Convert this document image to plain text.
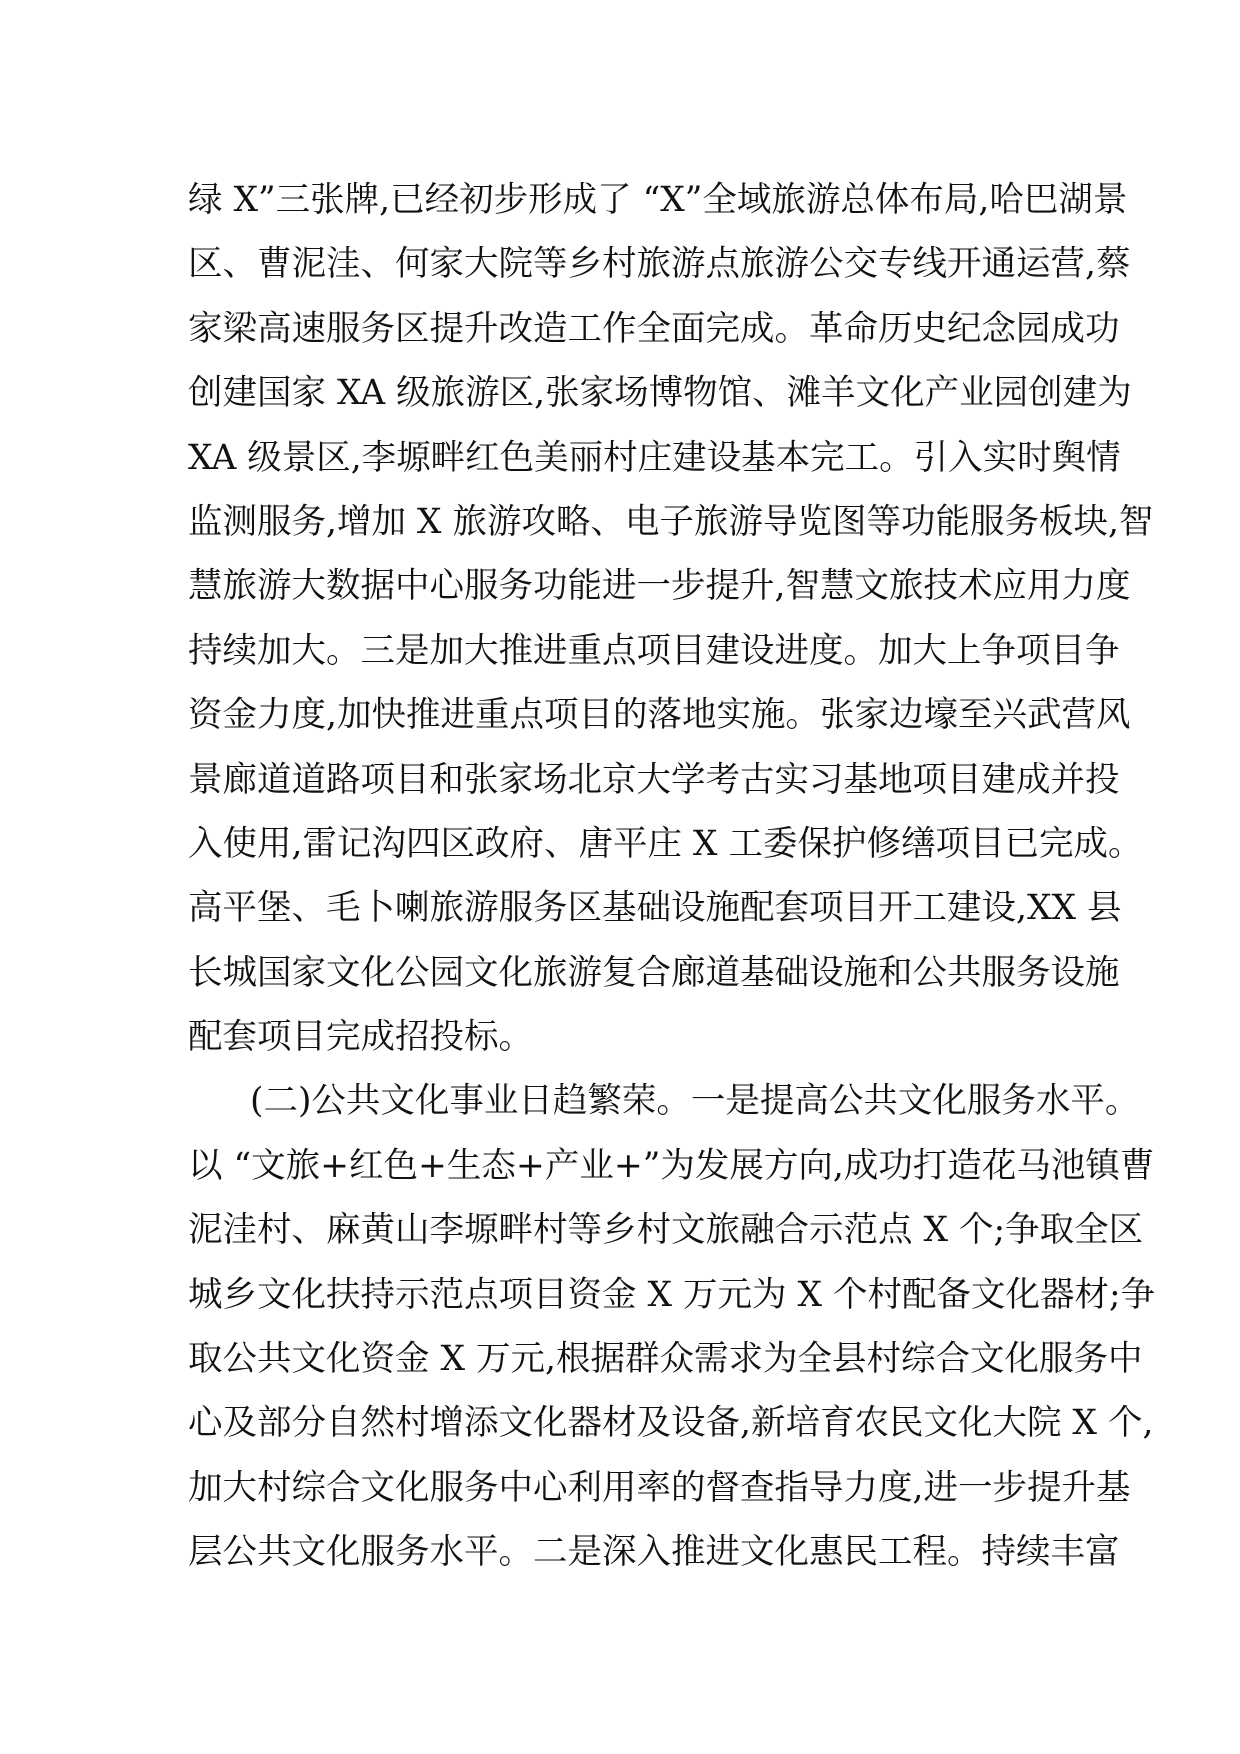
绿 X”三张牌,已经初步形成了 “X”全域旅游总体布局,哈巴湖景
区、曹泥洼、何家大院等乡村旅游点旅游公交专线开通运营,蔡
家梁高速服务区提升改造工作全面完成。革命历史纪念园成功
创建国家 XA 级旅游区,张家场博物馆、滩羊文化产业园创建为
XA 级景区,李塬畔红色美丽村庄建设基本完工。引入实时舆情
监测服务,增加 X 旅游攻略、电子旅游导览图等功能服务板块,智
慧旅游大数据中心服务功能进一步提升,智慧文旅技术应用力度
持续加大。三是加大推进重点项目建设进度。加大上争项目争
资金力度,加快推进重点项目的落地实施。张家边壕至兴武营风
景廊道道路项目和张家场北京大学考古实习基地项目建成并投
入使用,雷记沟四区政府、唐平庄 X 工委保护修缮项目已完成。
高平堡、毛卜喇旅游服务区基础设施配套项目开工建设,XX 县
长城国家文化公园文化旅游复合廊道基础设施和公共服务设施
配套项目完成招投标。
(二)公共文化事业日趋繁荣。一是提高公共文化服务水平。
以 “文旅+红色+生态+产业+”为发展方向,成功打造花马池镇曹
泥洼村、麻黄山李塬畔村等乡村文旅融合示范点 X 个;争取全区
城乡文化扶持示范点项目资金 X 万元为 X 个村配备文化器材;争
取公共文化资金 X 万元,根据群众需求为全县村综合文化服务中
心及部分自然村增添文化器材及设备,新培育农民文化大院 X 个,
加大村综合文化服务中心利用率的督查指导力度,进一步提升基
层公共文化服务水平。二是深入推进文化惠民工程。持续丰富
